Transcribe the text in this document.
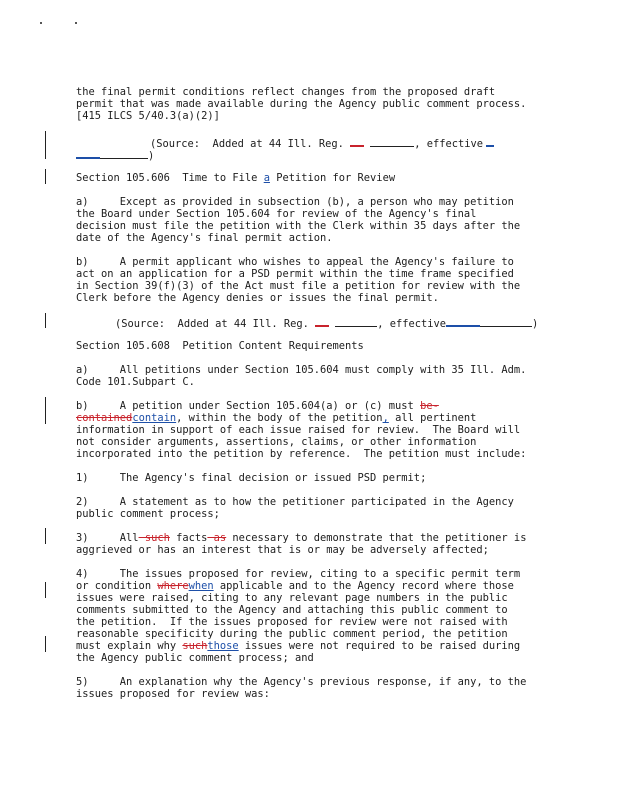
the final permit conditions reflect changes from the proposed draft
permit that was made available during the Agency public comment process.
[415 ILCS 5/40.3(a)(2)]
(Source:  Added at 44 Ill. Reg.	, effective
)
Section 105.606  Time to File a Petition for Review
a)     Except as provided in subsection (b), a person who may petition
the Board under Section 105.604 for review of the Agency's final
decision must file the petition with the Clerk within 35 days after the
date of the Agency's final permit action.
b)     A permit applicant who wishes to appeal the Agency's failure to
act on an application for a PSD permit within the time frame specified
in Section 39(f)(3) of the Act must file a petition for review with the
Clerk before the Agency denies or issues the final permit.
(Source:  Added at 44 Ill. Reg.	, effective	)
Section 105.608  Petition Content Requirements
a)     All petitions under Section 105.604 must comply with 35 Ill. Adm.
Code 101.Subpart C.
b)     A petition under Section 105.604(a) or (c) must be-
containedcontain, within the body of the petition, all pertinent
information in support of each issue raised for review.  The Board will
not consider arguments, assertions, claims, or other information
incorporated into the petition by reference.  The petition must include:
1)     The Agency's final decision or issued PSD permit;
2)     A statement as to how the petitioner participated in the Agency
public comment process;
3)     All such facts as necessary to demonstrate that the petitioner is
aggrieved or has an interest that is or may be adversely affected;
4)     The issues proposed for review, citing to a specific permit term
or condition wherewhen applicable and to the Agency record where those
issues were raised, citing to any relevant page numbers in the public
comments submitted to the Agency and attaching this public comment to
the petition.  If the issues proposed for review were not raised with
reasonable specificity during the public comment period, the petition
must explain why suchthose issues were not required to be raised during
the Agency public comment process; and
5)     An explanation why the Agency's previous response, if any, to the
issues proposed for review was:
